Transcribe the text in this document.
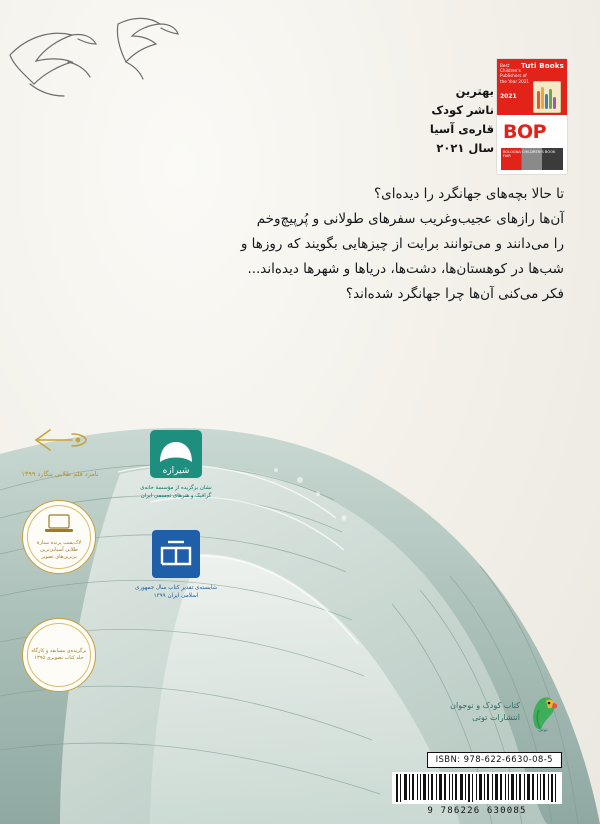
Best Children's Publishers of the Year 2021
Tuti Books
2021
BOP
BOLOGNA CHILDREN'S BOOK FAIR
بهترین
ناشر کودک
قاره‌ی آسیا
سال ۲۰۲۱

تا حالا بچه‌های جهانگرد را دیده‌ای؟

آن‌ها رازهای عجیب‌وغریب سفرهای طولانی و پُرپیچ‌وخم

را می‌دانند و می‌توانند برایت از چیزهایی بگویند که روزها و

شب‌ها در کوهستان‌ها، دشت‌ها، دریاها و شهرها دیده‌اند...

فکر می‌کنی آن‌ها چرا جهانگرد شده‌اند؟

نامزد قلم طلایی بنگارد ۱۳۹۹
لاک‌پشت پرنده ستارهٔ طلایی آسیایی‌ترین برترین‌های تصویر
برگزیده‌ی مسابقه و کارگاه جلد کتاب تصویری ۱۳۹۵
شیرازه
نشان برگزیده از مؤسسهٔ خانه‌ی گرافیک و هنرهای تجسمی ایران
شایسته‌ی تقدیر کتاب سال جمهوری اسلامی ایران ۱۳۹۹
کتاب کودک و نوجوان
انتشارات توتی
توتی
ISBN: 978-622-6630-08-5
9 786226 630085
